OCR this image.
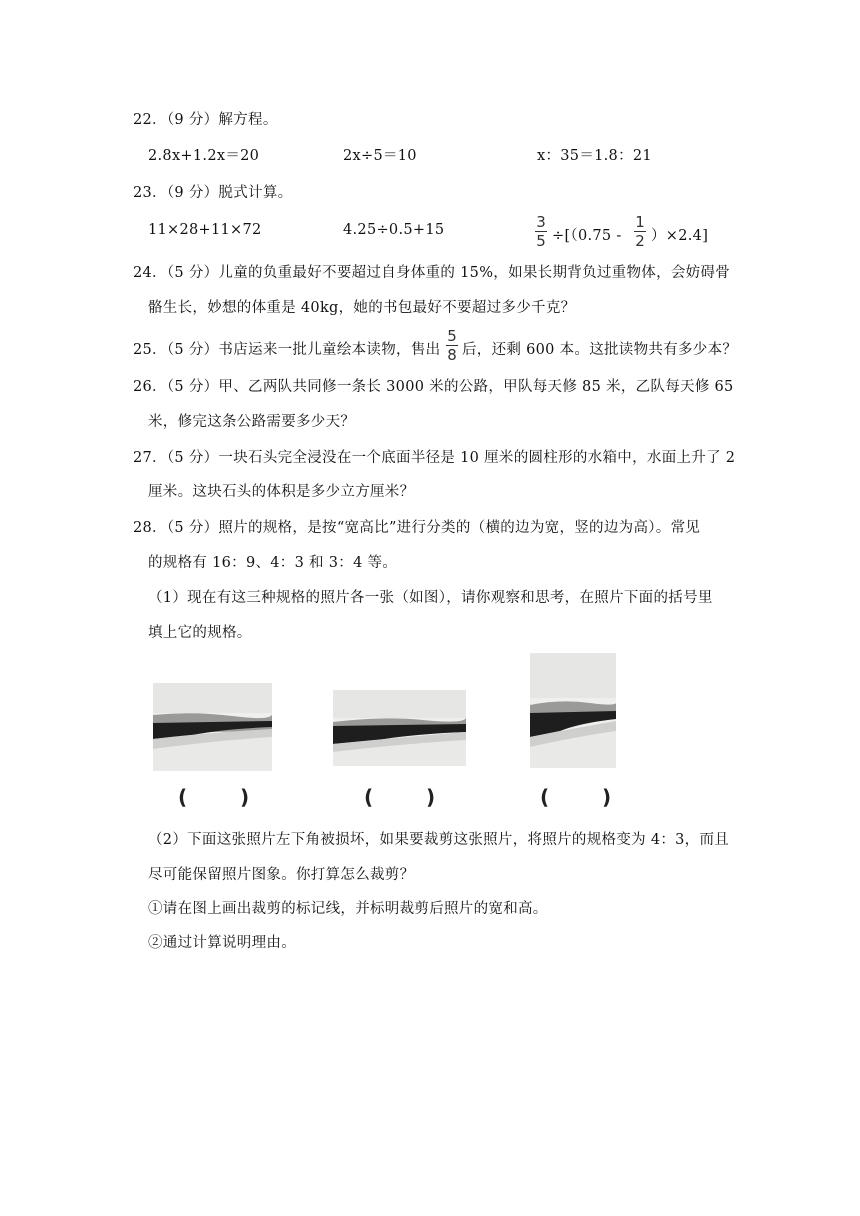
22．（9 分）解方程。
2.8x+1.2x＝20	2x÷5＝10	x：35＝1.8：21
23．（9 分）脱式计算。
11×28+11×72	4.25÷0.5+15	3
5 ÷[（0.75 -
1
2 ）×2.4]
24．（5 分）儿童的负重最好不要超过自身体重的 15%，如果长期背负过重物体，会妨碍骨
骼生长，妙想的体重是 40kg，她的书包最好不要超过多少千克？
25．（5 分）书店运来一批儿童绘本读物，售出
5
8 后，还剩 600 本。这批读物共有多少本？
26．（5 分）甲、乙两队共同修一条长 3000 米的公路，甲队每天修 85 米，乙队每天修 65
米，修完这条公路需要多少天？
27．（5 分）一块石头完全浸没在一个底面半径是 10 厘米的圆柱形的水箱中，水面上升了 2
厘米。这块石头的体积是多少立方厘米？
28．（5 分）照片的规格，是按“宽高比”进行分类的（横的边为宽，竖的边为高）。常见
的规格有 16：9、4：3 和 3：4 等。
（1）现在有这三种规格的照片各一张（如图），请你观察和思考，在照片下面的括号里
填上它的规格。
(	)	(	)	(	)
（2）下面这张照片左下角被损坏，如果要裁剪这张照片，将照片的规格变为 4：3，而且
尽可能保留照片图象。你打算怎么裁剪？
①请在图上画出裁剪的标记线，并标明裁剪后照片的宽和高。
②通过计算说明理由。
